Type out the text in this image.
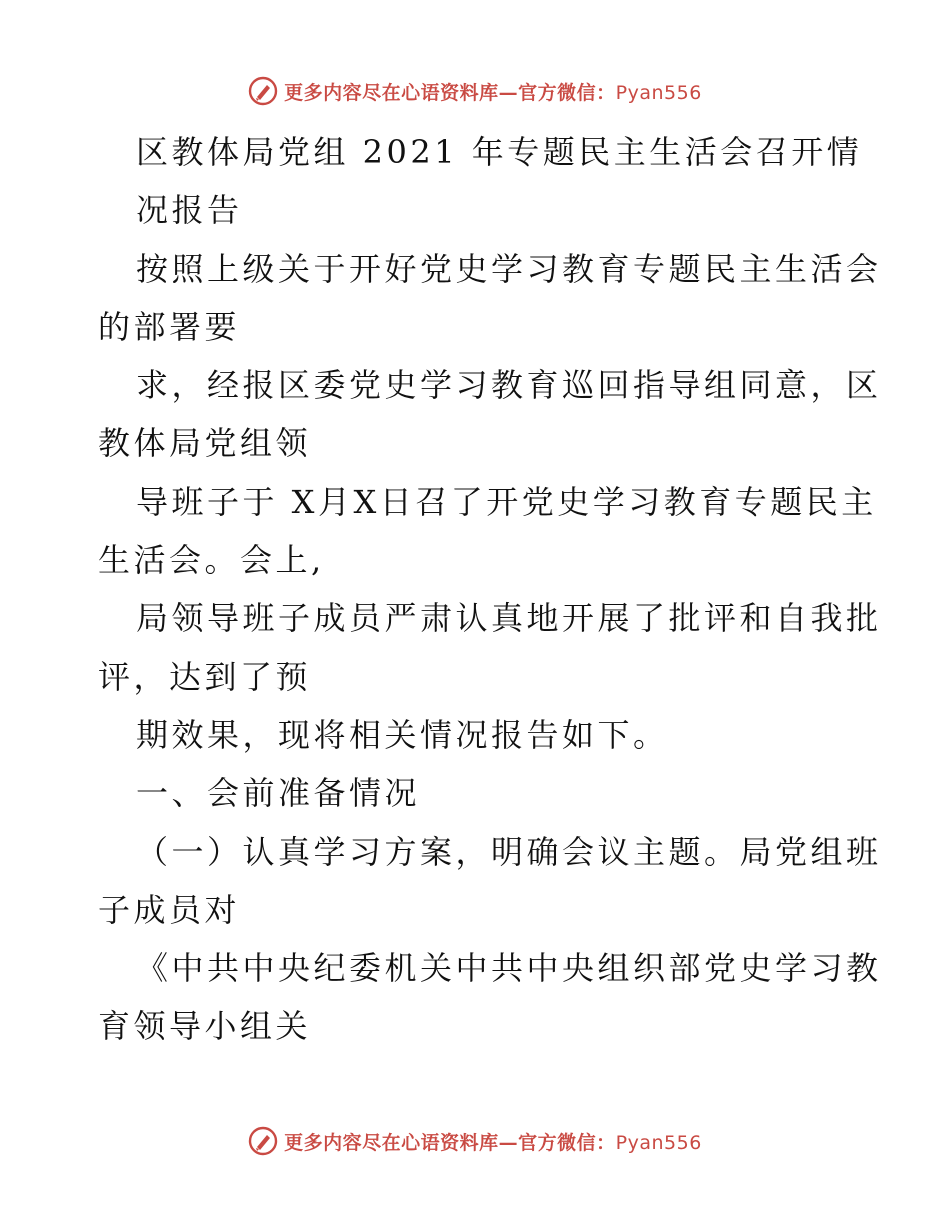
更多内容尽在心语资料库—官方微信：Pyan556
区教体局党组 2021 年专题民主生活会召开情
况报告
按照上级关于开好党史学习教育专题民主生活会
的部署要
求，经报区委党史学习教育巡回指导组同意，区
教体局党组领
导班子于 X月X日召了开党史学习教育专题民主
生活会。会上,
局领导班子成员严肃认真地开展了批评和自我批
评，达到了预
期效果，现将相关情况报告如下。
一、会前准备情况
（一）认真学习方案，明确会议主题。局党组班
子成员对
《中共中央纪委机关中共中央组织部党史学习教
育领导小组关
更多内容尽在心语资料库—官方微信：Pyan556
